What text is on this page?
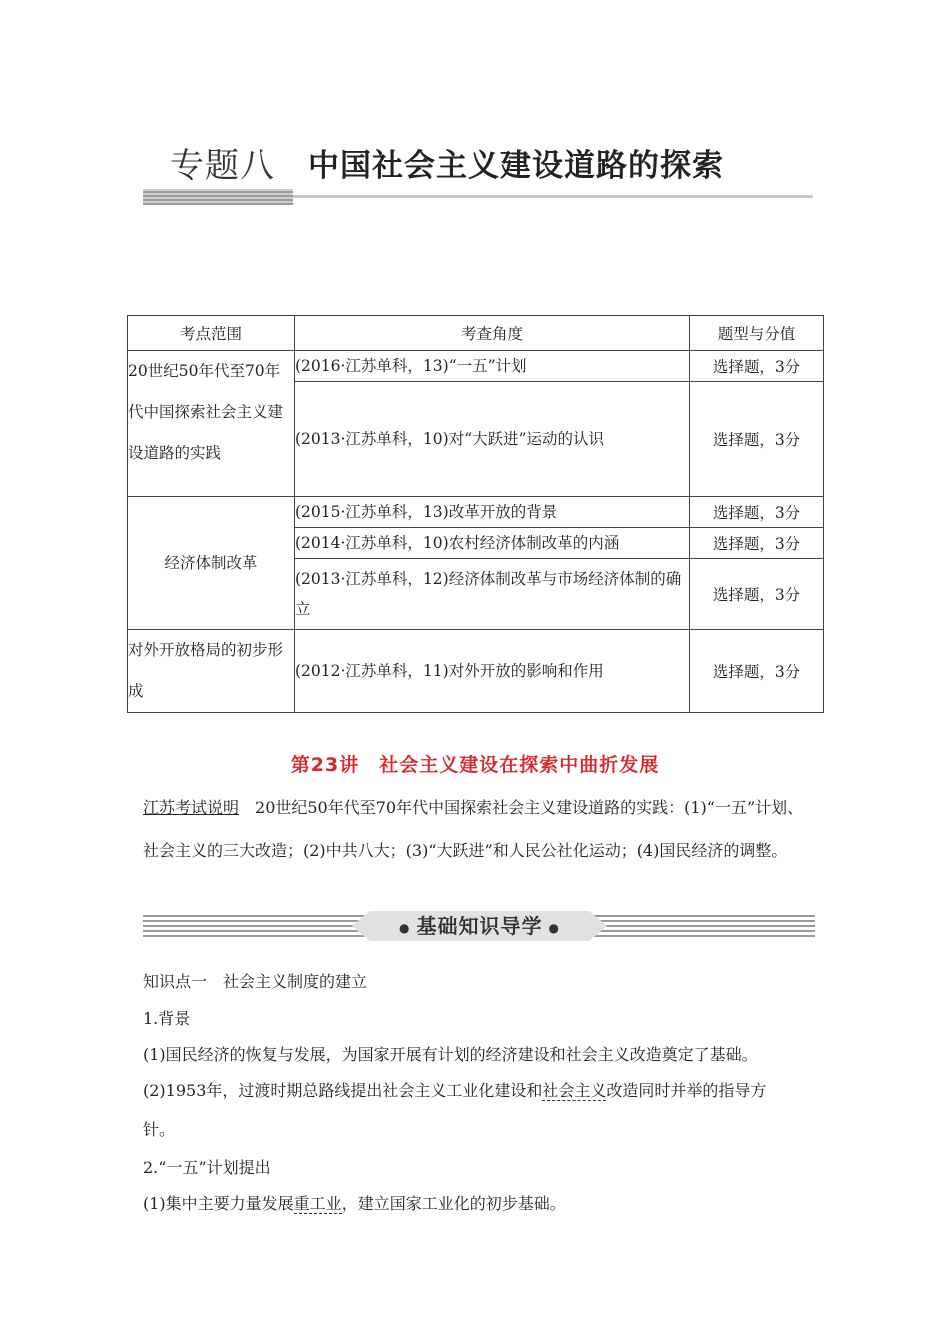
专题八 中国社会主义建设道路的探索
考点范围	考查角度	题型与分值
20世纪50年代至70年代中国探索社会主义建设道路的实践	(2016·江苏单科，13)“一五”计划	选择题，3分
	(2013·江苏单科，10)对“大跃进”运动的认识	选择题，3分
经济体制改革	(2015·江苏单科，13)改革开放的背景	选择题，3分
	(2014·江苏单科，10)农村经济体制改革的内涵	选择题，3分
	(2013·江苏单科，12)经济体制改革与市场经济体制的确立	选择题，3分
对外开放格局的初步形成	(2012·江苏单科，11)对外开放的影响和作用	选择题，3分
第23讲　社会主义建设在探索中曲折发展
江苏考试说明　20世纪50年代至70年代中国探索社会主义建设道路的实践：(1)“一五”计划、社会主义的三大改造；(2)中共八大；(3)“大跃进”和人民公社化运动；(4)国民经济的调整。
● 基础知识导学 ●
知识点一　社会主义制度的建立
1.背景
(1)国民经济的恢复与发展，为国家开展有计划的经济建设和社会主义改造奠定了基础。
(2)1953年，过渡时期总路线提出社会主义工业化建设和社会主义改造同时并举的指导方
针。
2.“一五”计划提出
(1)集中主要力量发展重工业，建立国家工业化的初步基础。
